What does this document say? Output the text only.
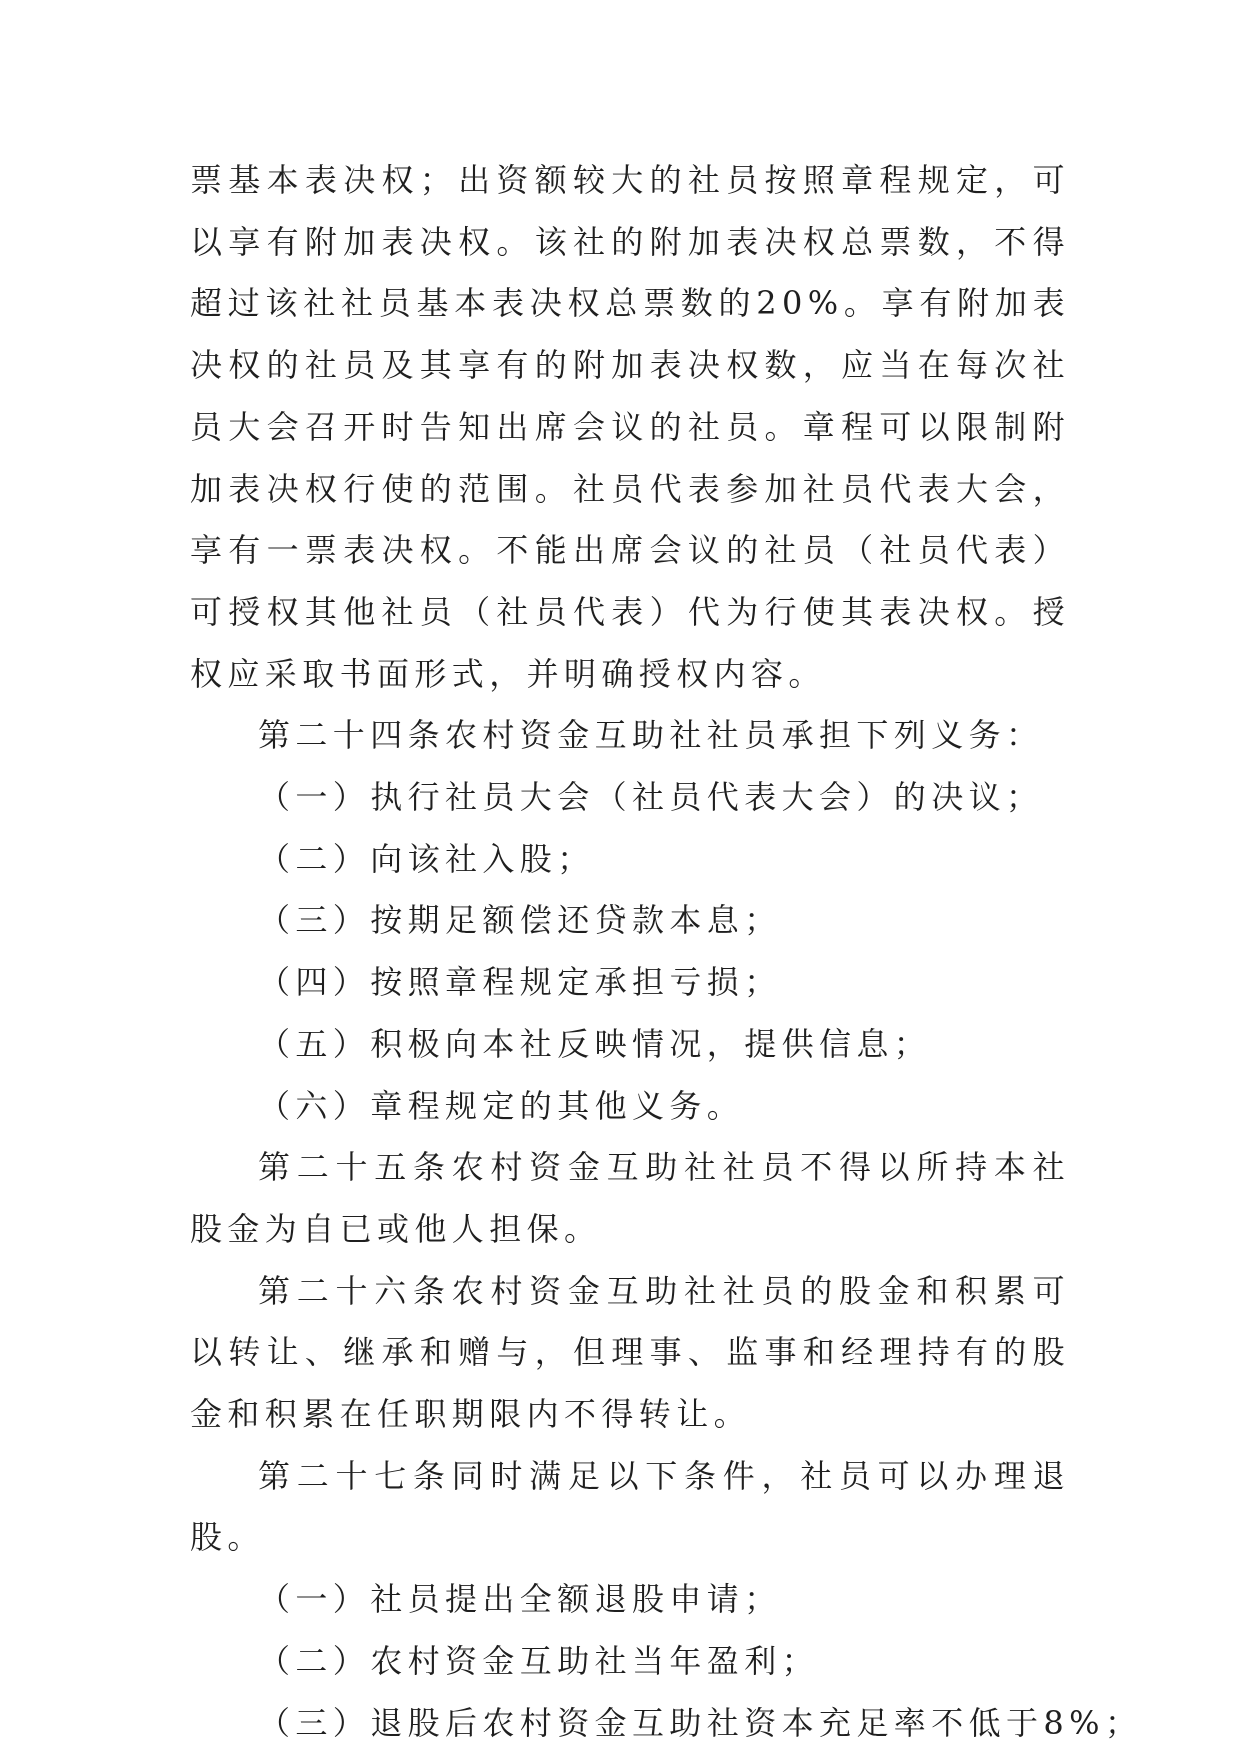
票基本表决权；出资额较大的社员按照章程规定，可以享有附加表决权。该社的附加表决权总票数，不得超过该社社员基本表决权总票数的20%。享有附加表决权的社员及其享有的附加表决权数，应当在每次社员大会召开时告知出席会议的社员。章程可以限制附加表决权行使的范围。社员代表参加社员代表大会，享有一票表决权。不能出席会议的社员（社员代表）可授权其他社员（社员代表）代为行使其表决权。授权应采取书面形式，并明确授权内容。

第二十四条农村资金互助社社员承担下列义务：

（一）执行社员大会（社员代表大会）的决议；

（二）向该社入股；

（三）按期足额偿还贷款本息；

（四）按照章程规定承担亏损；

（五）积极向本社反映情况，提供信息；

（六）章程规定的其他义务。

第二十五条农村资金互助社社员不得以所持本社股金为自已或他人担保。

第二十六条农村资金互助社社员的股金和积累可以转让、继承和赠与，但理事、监事和经理持有的股金和积累在任职期限内不得转让。

第二十七条同时满足以下条件，社员可以办理退股。

（一）社员提出全额退股申请；

（二）农村资金互助社当年盈利；

（三）退股后农村资金互助社资本充足率不低于8%；
